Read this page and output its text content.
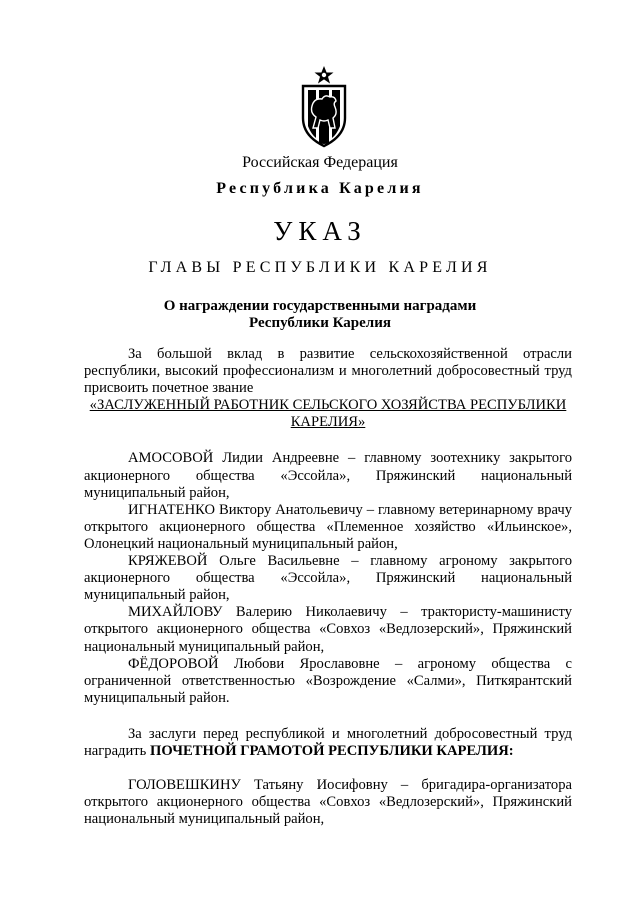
Российская Федерация
Республика Карелия
УКАЗ
ГЛАВЫ РЕСПУБЛИКИ КАРЕЛИЯ
О награждении государственными наградами
Республики Карелия

За большой вклад в развитие сельскохозяйственной отрасли республики, высокий профессионализм и многолетний добросовестный труд присвоить почетное звание

«ЗАСЛУЖЕННЫЙ РАБОТНИК СЕЛЬСКОГО ХОЗЯЙСТВА РЕСПУБЛИКИ КАРЕЛИЯ»

АМОСОВОЙ Лидии Андреевне – главному зоотехнику закрытого акционерного общества «Эссойла», Пряжинский национальный муниципальный район,

ИГНАТЕНКО Виктору Анатольевичу – главному ветеринарному врачу открытого акционерного общества «Племенное хозяйство «Ильинское», Олонецкий национальный муниципальный район,

КРЯЖЕВОЙ Ольге Васильевне – главному агроному закрытого акционерного общества «Эссойла», Пряжинский национальный муниципальный район,

МИХАЙЛОВУ Валерию Николаевичу – трактористу-машинисту открытого акционерного общества «Совхоз «Ведлозерский», Пряжинский национальный муниципальный район,

ФЁДОРОВОЙ Любови Ярославовне – агроному общества с ограниченной ответственностью «Возрождение «Салми», Питкярантский муниципальный район.

За заслуги перед республикой и многолетний добросовестный труд наградить ПОЧЕТНОЙ ГРАМОТОЙ РЕСПУБЛИКИ КАРЕЛИЯ:

ГОЛОВЕШКИНУ Татьяну Иосифовну – бригадира-организатора открытого акционерного общества «Совхоз «Ведлозерский», Пряжинский национальный муниципальный район,
